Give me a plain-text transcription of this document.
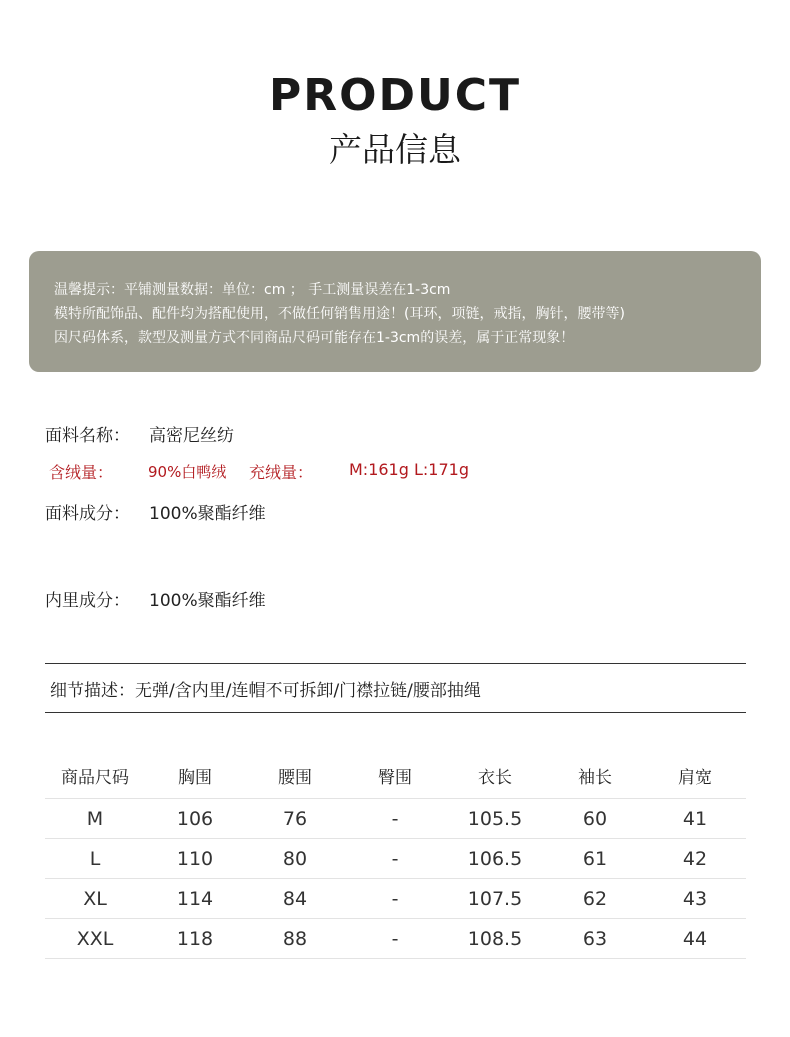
PRODUCT
产品信息
温馨提示：平铺测量数据：单位：cm ； 手工测量误差在1-3cm
模特所配饰品、配件均为搭配使用，不做任何销售用途！(耳环，项链，戒指，胸针，腰带等)
因尺码体系，款型及测量方式不同商品尺码可能存在1-3cm的误差，属于正常现象！
面料名称： 高密尼丝纺
含绒量： 90%白鸭绒 充绒量： M:161g L:171g
面料成分： 100%聚酯纤维
内里成分： 100%聚酯纤维
细节描述：无弹/含内里/连帽不可拆卸/门襟拉链/腰部抽绳
商品尺码	胸围	腰围	臀围	衣长	袖长	肩宽
M	106	76	-	105.5	60	41
L	110	80	-	106.5	61	42
XL	114	84	-	107.5	62	43
XXL	118	88	-	108.5	63	44
